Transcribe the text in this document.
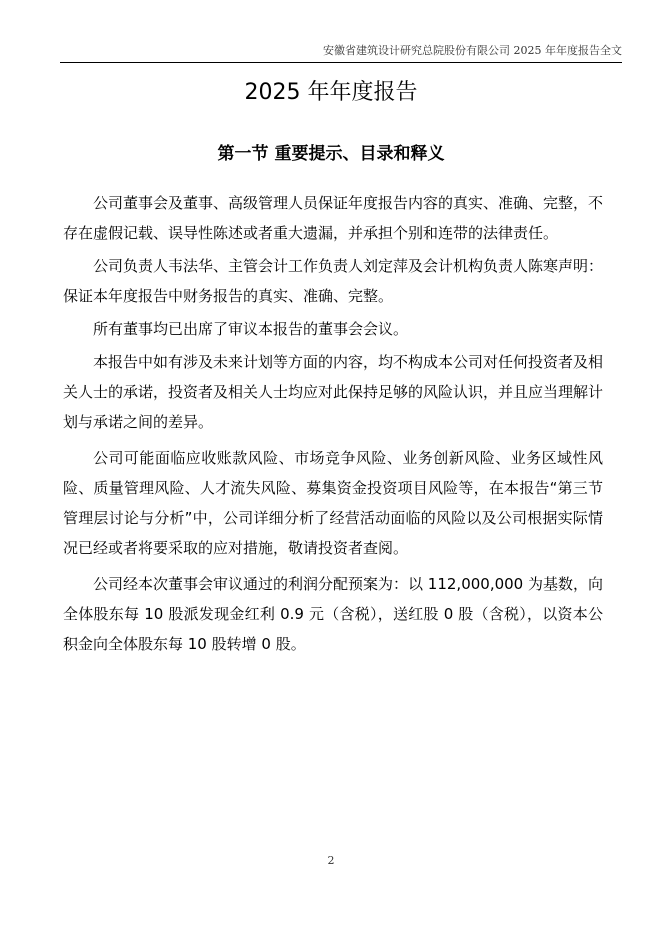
安徽省建筑设计研究总院股份有限公司 2025 年年度报告全文
2025 年年度报告
第一节 重要提示、目录和释义

公司董事会及董事、高级管理人员保证年度报告内容的真实、准确、完整，不存在虚假记载、误导性陈述或者重大遗漏，并承担个别和连带的法律责任。

公司负责人韦法华、主管会计工作负责人刘定萍及会计机构负责人陈寒声明：保证本年度报告中财务报告的真实、准确、完整。

所有董事均已出席了审议本报告的董事会会议。

本报告中如有涉及未来计划等方面的内容，均不构成本公司对任何投资者及相关人士的承诺，投资者及相关人士均应对此保持足够的风险认识，并且应当理解计划与承诺之间的差异。

公司可能面临应收账款风险、市场竞争风险、业务创新风险、业务区域性风险、质量管理风险、人才流失风险、募集资金投资项目风险等，在本报告“第三节 管理层讨论与分析”中，公司详细分析了经营活动面临的风险以及公司根据实际情况已经或者将要采取的应对措施，敬请投资者查阅。

公司经本次董事会审议通过的利润分配预案为：以 112,000,000 为基数，向全体股东每 10 股派发现金红利 0.9 元（含税），送红股 0 股（含税），以资本公积金向全体股东每 10 股转增 0 股。

2
